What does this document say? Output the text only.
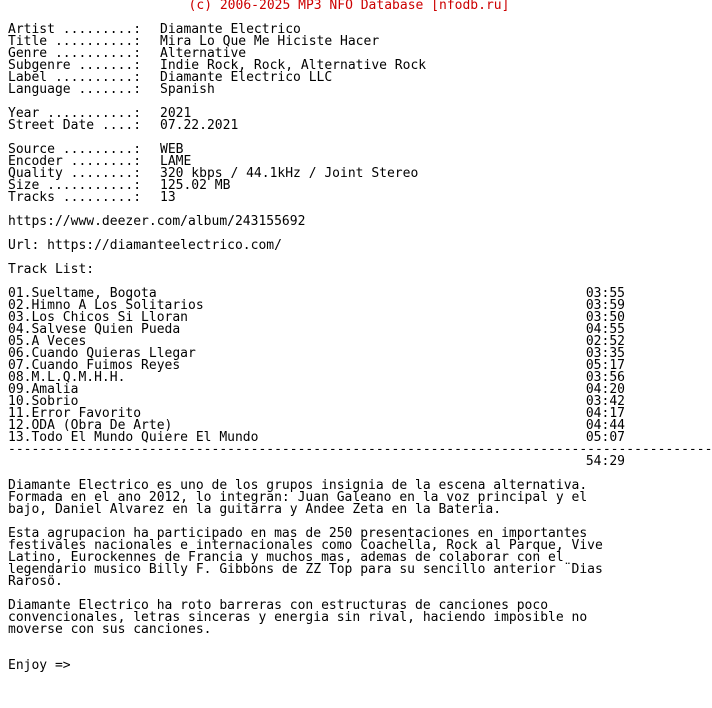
(c) 2006-2025 MP3 NFO Database [nfodb.ru]
Artist .........: Diamante Electrico
Title ..........: Mira Lo Que Me Hiciste Hacer
Genre ..........: Alternative
Subgenre .......: Indie Rock, Rock, Alternative Rock
Label ..........: Diamante Electrico LLC
Language .......: Spanish
Year ...........: 2021
Street Date ....: 07.22.2021
Source .........: WEB
Encoder ........: LAME
Quality ........: 320 kbps / 44.1kHz / Joint Stereo
Size ...........: 125.02 MB
Tracks .........: 13
https://www.deezer.com/album/243155692
Url: https://diamanteelectrico.com/
Track List:
01.Sueltame, Bogota	03:55
02.Himno A Los Solitarios	03:59
03.Los Chicos Si Lloran	03:50
04.Salvese Quien Pueda	04:55
05.A Veces	02:52
06.Cuando Quieras Llegar	03:35
07.Cuando Fuimos Reyes	05:17
08.M.L.Q.M.H.H.	03:56
09.Amalia	04:20
10.Sobrio	03:42
11.Error Favorito	04:17
12.ODA (Obra De Arte)	04:44
13.Todo El Mundo Quiere El Mundo	05:07
------------------------------------------------------------------------------------------
54:29
Diamante Electrico es uno de los grupos insignia de la escena alternativa.
Formada en el ano 2012, lo integran: Juan Galeano en la voz principal y el
bajo, Daniel Alvarez en la guitarra y Andee Zeta en la Bateria.
Esta agrupacion ha participado en mas de 250 presentaciones en importantes
festivales nacionales e internacionales como Coachella, Rock al Parque, Vive
Latino, Eurockennes de Francia y muchos mas, ademas de colaborar con el
legendario musico Billy F. Gibbons de ZZ Top para su sencillo anterior ¨Dias
Rarosö.
Diamante Electrico ha roto barreras con estructuras de canciones poco
convencionales, letras sinceras y energia sin rival, haciendo imposible no
moverse con sus canciones.
Enjoy =>
